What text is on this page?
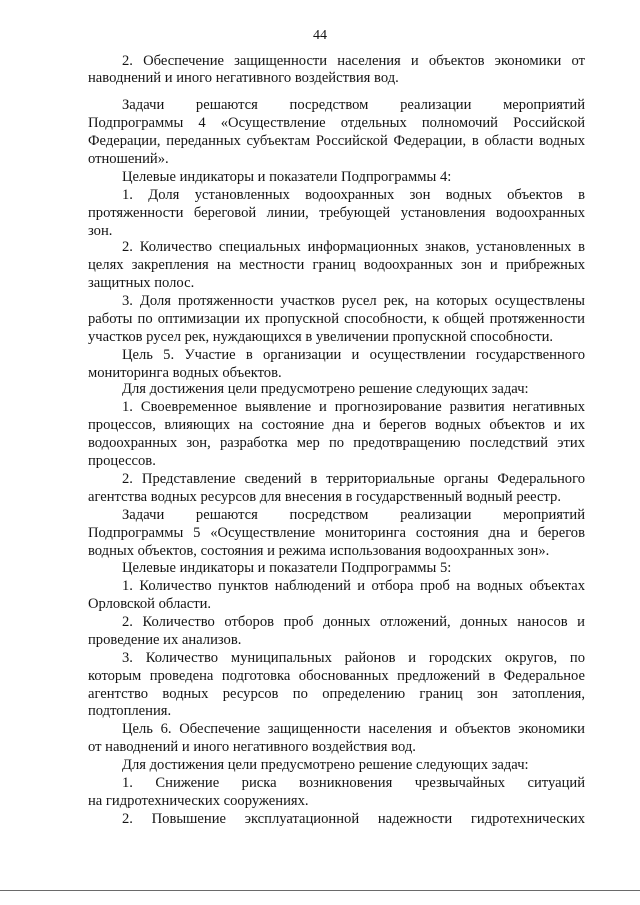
44
2. Обеспечение защищенности населения и объектов экономики от
наводнений и иного негативного воздействия вод.
Задачи решаются посредством реализации мероприятий
Подпрограммы 4 «Осуществление отдельных полномочий Российской
Федерации, переданных субъектам Российской Федерации, в области водных
отношений».
Целевые индикаторы и показатели Подпрограммы 4:
1. Доля установленных водоохранных зон водных объектов в
протяженности береговой линии, требующей установления водоохранных
зон.
2. Количество специальных информационных знаков, установленных в
целях закрепления на местности границ водоохранных зон и прибрежных
защитных полос.
3. Доля протяженности участков русел рек, на которых осуществлены
работы по оптимизации их пропускной способности, к общей протяженности
участков русел рек, нуждающихся в увеличении пропускной способности.
Цель 5. Участие в организации и осуществлении государственного
мониторинга водных объектов.
Для достижения цели предусмотрено решение следующих задач:
1. Своевременное выявление и прогнозирование развития негативных
процессов, влияющих на состояние дна и берегов водных объектов и их
водоохранных зон, разработка мер по предотвращению последствий этих
процессов.
2. Представление сведений в территориальные органы Федерального
агентства водных ресурсов для внесения в государственный водный реестр.
Задачи решаются посредством реализации мероприятий
Подпрограммы 5 «Осуществление мониторинга состояния дна и берегов
водных объектов, состояния и режима использования водоохранных зон».
Целевые индикаторы и показатели Подпрограммы 5:
1. Количество пунктов наблюдений и отбора проб на водных объектах
Орловской области.
2. Количество отборов проб донных отложений, донных наносов и
проведение их анализов.
3. Количество муниципальных районов и городских округов, по
которым проведена подготовка обоснованных предложений в Федеральное
агентство водных ресурсов по определению границ зон затопления,
подтопления.
Цель 6. Обеспечение защищенности населения и объектов экономики
от наводнений и иного негативного воздействия вод.
Для достижения цели предусмотрено решение следующих задач:
1. Снижение риска возникновения чрезвычайных ситуаций
на гидротехнических сооружениях.
2. Повышение эксплуатационной надежности гидротехнических
